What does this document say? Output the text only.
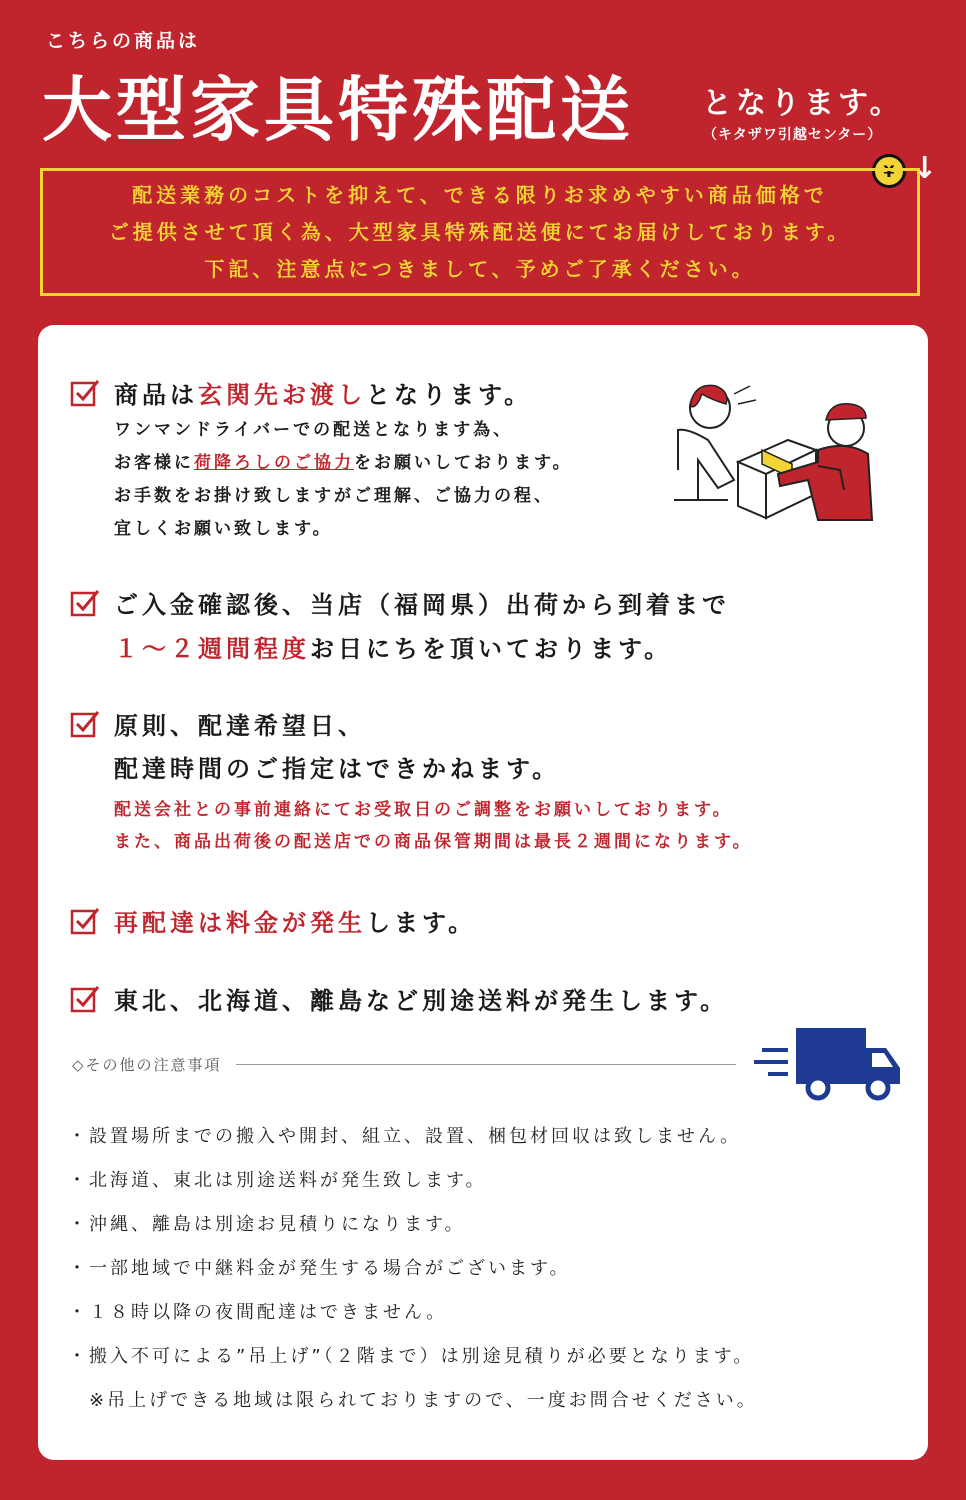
こちらの商品は
大型家具特殊配送 となります。
（キタザワ引越センター）
¥ ↓
配送業務のコストを抑えて、できる限りお求めやすい商品価格で
ご提供させて頂く為、大型家具特殊配送便にてお届けしております。
下記、注意点につきまして、予めご了承ください。
商品は玄関先お渡しとなります。
ワンマンドライバーでの配送となります為、
お客様に荷降ろしのご協力をお願いしております。
お手数をお掛け致しますがご理解、ご協力の程、
宜しくお願い致します。	image
ご入金確認後、当店（福岡県）出荷から到着まで
１～２週間程度お日にちを頂いております。
原則、配達希望日、
配達時間のご指定はできかねます。
配送会社との事前連絡にてお受取日のご調整をお願いしております。
また、商品出荷後の配送店での商品保管期間は最長２週間になります。
再配達は料金が発生します。
東北、北海道、離島など別途送料が発生します。
◇その他の注意事項
・設置場所までの搬入や開封、組立、設置、梱包材回収は致しません。
・北海道、東北は別途送料が発生致します。
・沖縄、離島は別途お見積りになります。
・一部地域で中継料金が発生する場合がございます。
・１８時以降の夜間配達はできません。
・搬入不可による”吊上げ”（２階まで）は別途見積りが必要となります。
　※吊上げできる地域は限られておりますので、一度お問合せください。
